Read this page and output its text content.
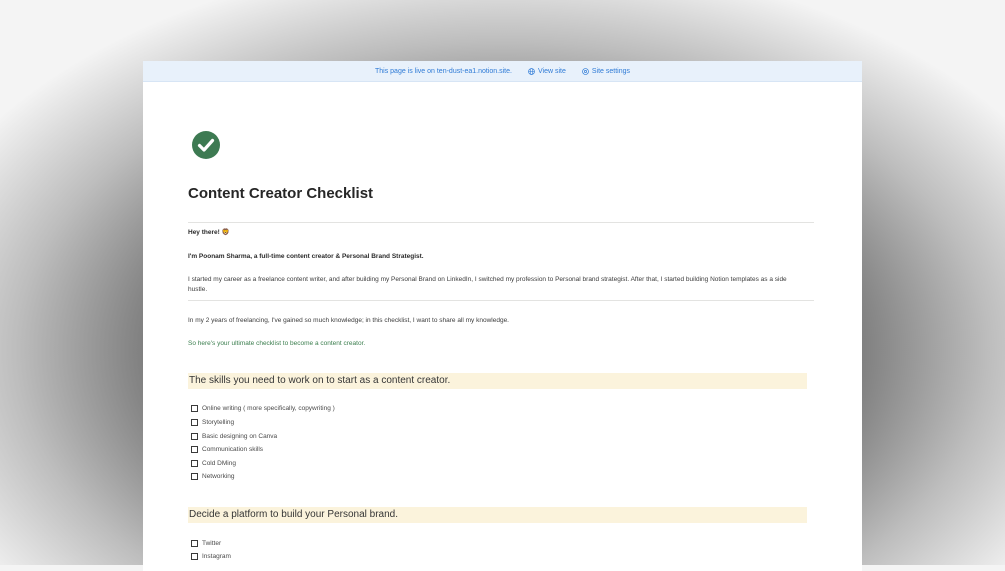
This page is live on ten-dust-ea1.notion.site.	View site	Site settings
Content Creator Checklist
Hey there! 🦁
I'm Poonam Sharma, a full-time content creator & Personal Brand Strategist.
I started my career as a freelance content writer, and after building my Personal Brand on LinkedIn, I switched my profession to Personal brand strategist. After that, I started building Notion templates as a side hustle.
In my 2 years of freelancing, I've gained so much knowledge; in this checklist, I want to share all my knowledge.
So here's your ultimate checklist to become a content creator.
The skills you need to work on to start as a content creator.
Online writing ( more specifically, copywriting )
Storytelling
Basic designing on Canva
Communication skills
Cold DMing
Networking
Decide a platform to build your Personal brand.
Twitter
Instagram
